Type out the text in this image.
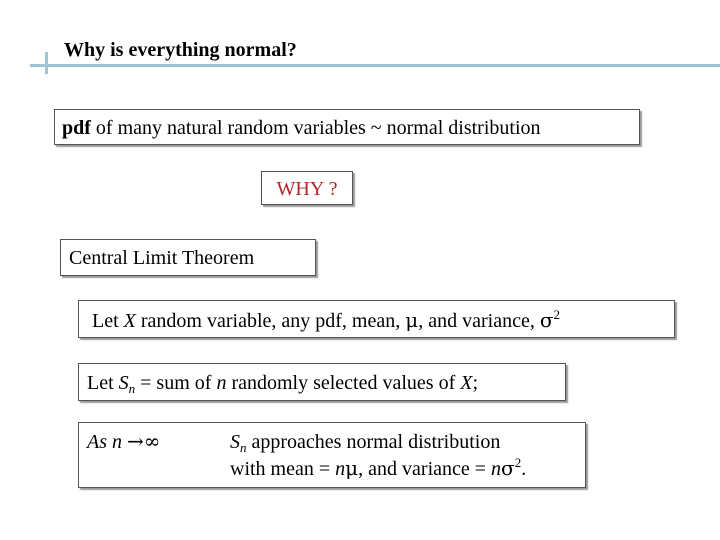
Why is everything normal?
pdf of many natural random variables ~ normal distribution
WHY ?
Central Limit Theorem
Let X random variable, any pdf, mean, μ, and variance, $\sigma^2$
Let $S_n$ = sum of n randomly selected values of X;
As n →∞	$S_n$ approaches normal distribution
with mean = nμ, and variance = $n\sigma^2$.
